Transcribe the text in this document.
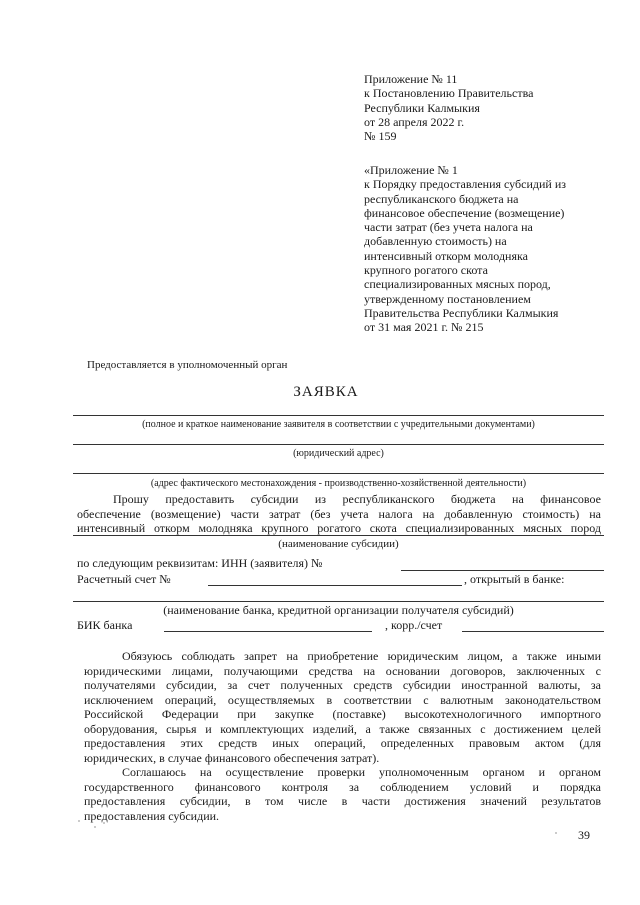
Приложение № 11
к Постановлению Правительства
Республики Калмыкия
от 28 апреля 2022 г.
№ 159
«Приложение № 1
к Порядку предоставления субсидий из
республиканского бюджета на
финансовое обеспечение (возмещение)
части затрат (без учета налога на
добавленную стоимость) на
интенсивный откорм молодняка
крупного рогатого скота
специализированных мясных пород,
утвержденному постановлением
Правительства Республики Калмыкия
от 31 мая 2021 г. № 215
Предоставляется в уполномоченный орган
ЗАЯВКА
(полное и краткое наименование заявителя в соответствии с учредительными документами)
(юридический адрес)
(адрес фактического местонахождения - производственно-хозяйственной деятельности)
Прошу предоставить субсидии из республиканского бюджета на финансовое
обеспечение (возмещение) части затрат (без учета налога на добавленную стоимость) на
интенсивный откорм молодняка крупного рогатого скота специализированных мясных пород
(наименование субсидии)
по следующим реквизитам: ИНН (заявителя) №
Расчетный счет №	, открытый в банке:
(наименование банка, кредитной организации получателя субсидий)
БИК банка	, корр./счет
Обязуюсь соблюдать запрет на приобретение юридическим лицом, а также иными
юридическими лицами, получающими средства на основании договоров, заключенных с
получателями субсидии, за счет полученных средств субсидии иностранной валюты, за
исключением операций, осуществляемых в соответствии с валютным законодательством
Российской Федерации при закупке (поставке) высокотехнологичного импортного
оборудования, сырья и комплектующих изделий, а также связанных с достижением целей
предоставления этих средств иных операций, определенных правовым актом (для
юридических, в случае финансового обеспечения затрат).
Соглашаюсь на осуществление проверки уполномоченным органом и органом
государственного финансового контроля за соблюдением условий и порядка
предоставления субсидии, в том числе в части достижения значений результатов
предоставления субсидии.
39
